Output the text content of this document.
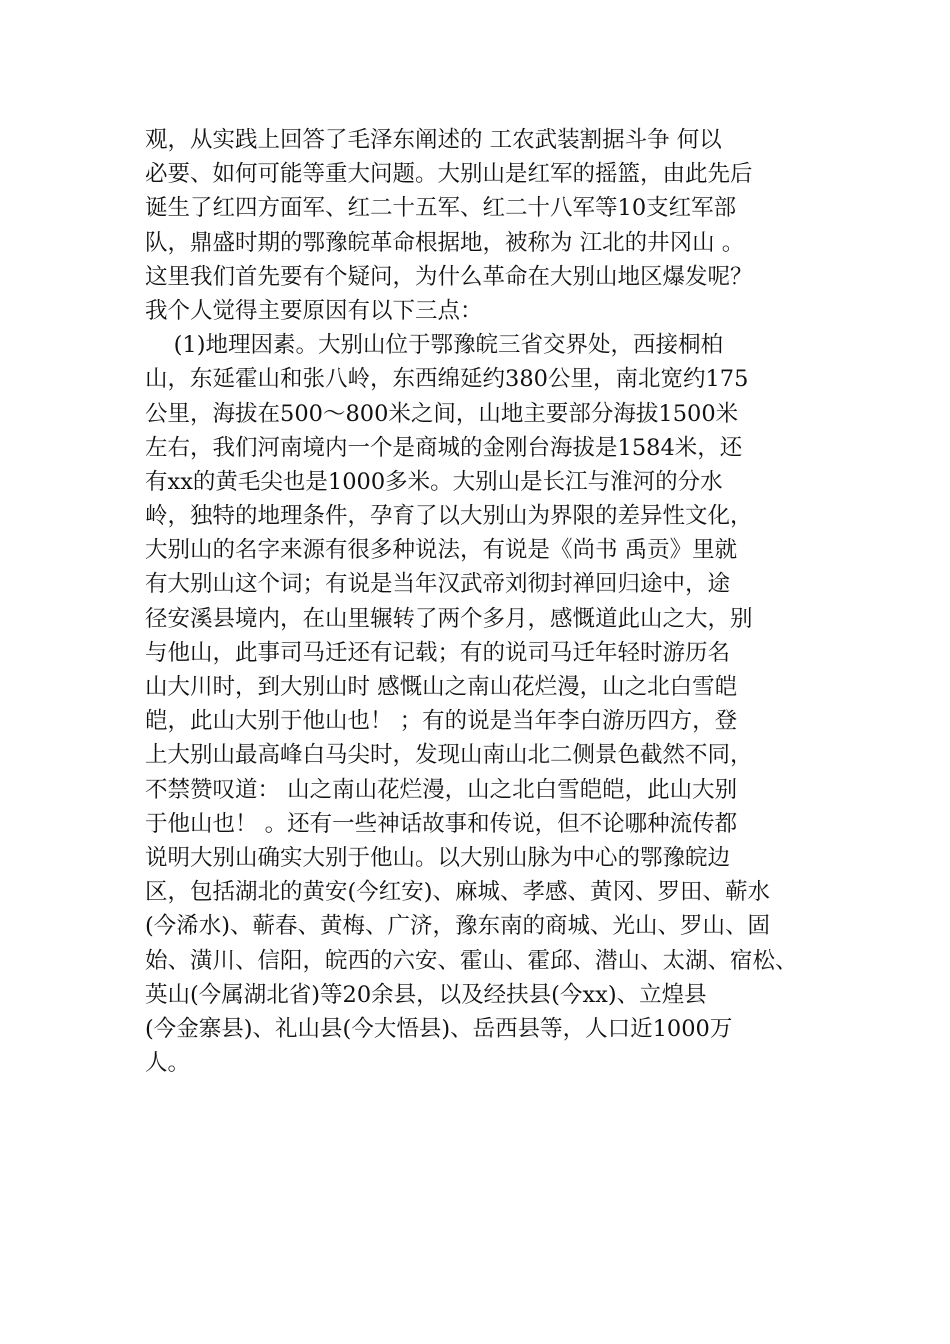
观，从实践上回答了毛泽东阐述的 工农武装割据斗争 何以
必要、如何可能等重大问题。大别山是红军的摇篮，由此先后
诞生了红四方面军、红二十五军、红二十八军等10支红军部
队，鼎盛时期的鄂豫皖革命根据地，被称为 江北的井冈山 。
这里我们首先要有个疑问，为什么革命在大别山地区爆发呢？
我个人觉得主要原因有以下三点：
(1)地理因素。大别山位于鄂豫皖三省交界处，西接桐柏
山，东延霍山和张八岭，东西绵延约380公里，南北宽约175
公里，海拔在500～800米之间，山地主要部分海拔1500米
左右，我们河南境内一个是商城的金刚台海拔是1584米，还
有xx的黄毛尖也是1000多米。大别山是长江与淮河的分水
岭，独特的地理条件，孕育了以大别山为界限的差异性文化，
大别山的名字来源有很多种说法，有说是《尚书 禹贡》里就
有大别山这个词；有说是当年汉武帝刘彻封禅回归途中，途
径安溪县境内，在山里辗转了两个多月，感慨道此山之大，别
与他山，此事司马迁还有记载；有的说司马迁年轻时游历名
山大川时，到大别山时 感慨山之南山花烂漫，山之北白雪皑
皑，此山大别于他山也！ ；有的说是当年李白游历四方，登
上大别山最高峰白马尖时，发现山南山北二侧景色截然不同，
不禁赞叹道： 山之南山花烂漫，山之北白雪皑皑，此山大别
于他山也！ 。还有一些神话故事和传说，但不论哪种流传都
说明大别山确实大别于他山。以大别山脉为中心的鄂豫皖边
区，包括湖北的黄安(今红安)、麻城、孝感、黄冈、罗田、蕲水
(今浠水)、蕲春、黄梅、广济，豫东南的商城、光山、罗山、固
始、潢川、信阳，皖西的六安、霍山、霍邱、潜山、太湖、宿松、
英山(今属湖北省)等20余县，以及经扶县(今xx)、立煌县
(今金寨县)、礼山县(今大悟县)、岳西县等，人口近1000万
人。
